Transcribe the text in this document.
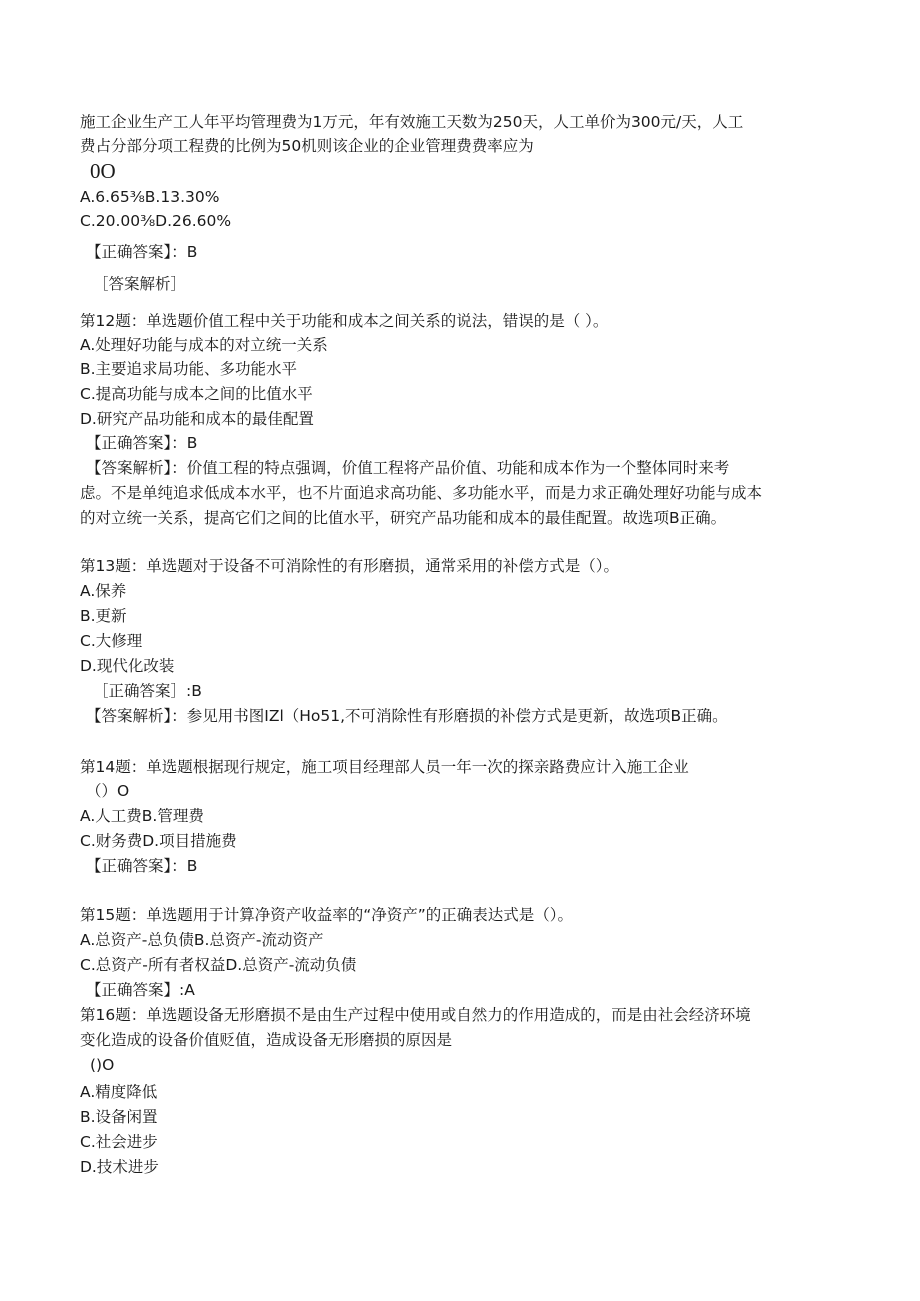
施工企业生产工人年平均管理费为1万元，年有效施工天数为250天，人工单价为300元/天，人工
费占分部分项工程费的比例为50机则该企业的企业管理费费率应为
0O
A.6.65⅜B.13.30%
C.20.00⅜D.26.60%
【正确答案】：B
［答案解析］
第12题：单选题价值工程中关于功能和成本之间关系的说法，错误的是（ ）。
A.处理好功能与成本的对立统一关系
B.主要追求局功能、多功能水平
C.提高功能与成本之间的比值水平
D.研究产品功能和成本的最佳配置
【正确答案】：B
【答案解析】：价值工程的特点强调，价值工程将产品价值、功能和成本作为一个整体同时来考
虑。不是单纯追求低成本水平，也不片面追求高功能、多功能水平，而是力求正确处理好功能与成本
的对立统一关系，提高它们之间的比值水平，研究产品功能和成本的最佳配置。故选项B正确。
第13题：单选题对于设备不可消除性的有形磨损，通常采用的补偿方式是（）。
A.保养
B.更新
C.大修理
D.现代化改装
［正确答案］:B
【答案解析】：参见用书图IZl（Ho51,不可消除性有形磨损的补偿方式是更新，故选项B正确。
第14题：单选题根据现行规定，施工项目经理部人员一年一次的探亲路费应计入施工企业
（）O
A.人工费B.管理费
C.财务费D.项目措施费
【正确答案】：B
第15题：单选题用于计算净资产收益率的“净资产”的正确表达式是（）。
A.总资产-总负债B.总资产-流动资产
C.总资产-所有者权益D.总资产-流动负债
【正确答案】:A
第16题：单选题设备无形磨损不是由生产过程中使用或自然力的作用造成的，而是由社会经济环境
变化造成的设备价值贬值，造成设备无形磨损的原因是
()O
A.精度降低
B.设备闲置
C.社会进步
D.技术进步
